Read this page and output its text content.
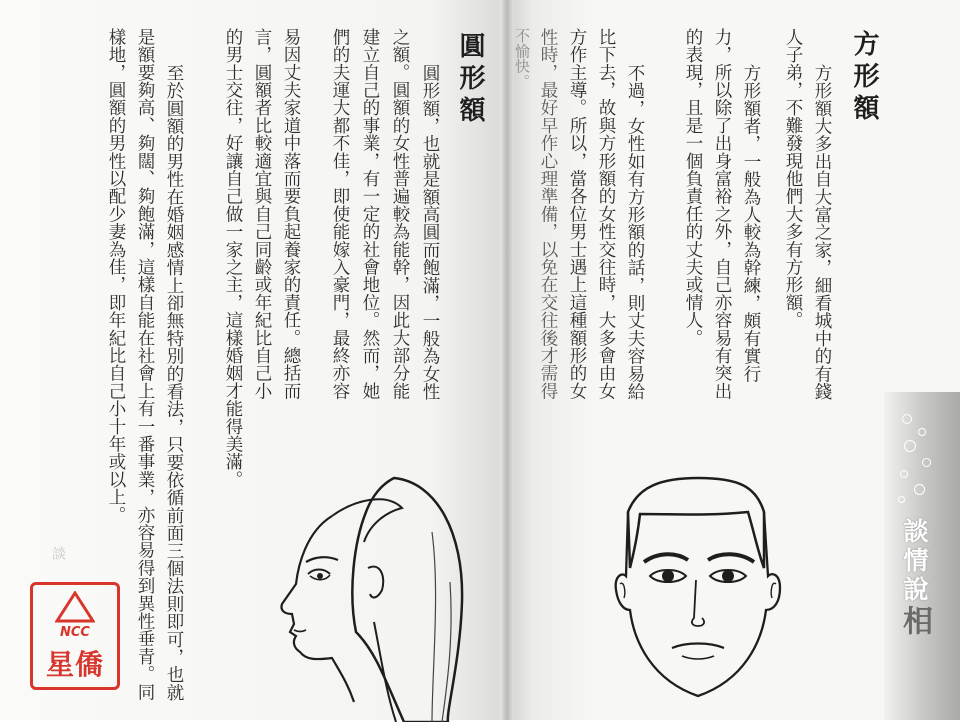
方形額
方形額大多出自大富之家，細看城中的有錢
人子弟，不難發現他們大多有方形額。
方形額者，一般為人較為幹練，頗有實行
力，所以除了出身富裕之外，自己亦容易有突出
的表現，且是一個負責任的丈夫或情人。
不過，女性如有方形額的話，則丈夫容易給
比下去，故與方形額的女性交往時，大多會由女
方作主導。所以，當各位男士遇上這種額形的女
性時，最好早作心理準備，以免在交往後才需得
不愉快。
圓形額
圓形額，也就是額高圓而飽滿，一般為女性
之額。圓額的女性普遍較為能幹，因此大部分能
建立自己的事業，有一定的社會地位。然而，她
們的夫運大都不佳，即使能嫁入豪門，最終亦容
易因丈夫家道中落而要負起養家的責任。總括而
言，圓額者比較適宜與自己同齡或年紀比自己小
的男士交往，好讓自己做一家之主，這樣婚姻才能得美滿。
至於圓額的男性在婚姻感情上卻無特別的看法，只要依循前面三個法則即可，也就
是額要夠高、夠闊、夠飽滿，這樣自能在社會上有一番事業，亦容易得到異性垂青。同
樣地，圓額的男性以配少妻為佳，即年紀比自己小十年或以上。
談	談情說相
NCC
星僑
